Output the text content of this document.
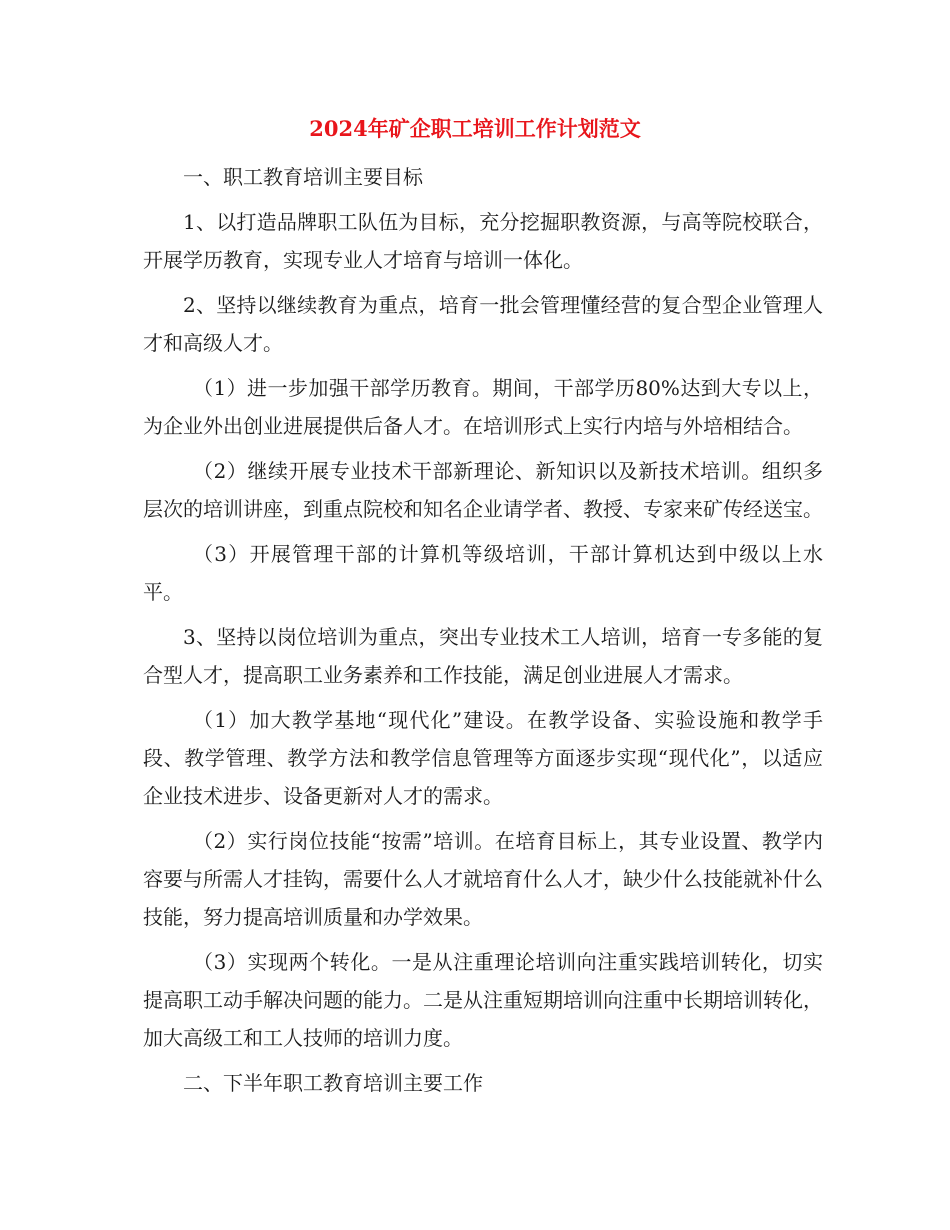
2024年矿企职工培训工作计划范文

一、职工教育培训主要目标

1、以打造品牌职工队伍为目标，充分挖掘职教资源，与高等院校联合，开展学历教育，实现专业人才培育与培训一体化。

2、坚持以继续教育为重点，培育一批会管理懂经营的复合型企业管理人才和高级人才。

（1）进一步加强干部学历教育。期间，干部学历80%达到大专以上，为企业外出创业进展提供后备人才。在培训形式上实行内培与外培相结合。

（2）继续开展专业技术干部新理论、新知识以及新技术培训。组织多层次的培训讲座，到重点院校和知名企业请学者、教授、专家来矿传经送宝。

（3）开展管理干部的计算机等级培训，干部计算机达到中级以上水平。

3、坚持以岗位培训为重点，突出专业技术工人培训，培育一专多能的复合型人才，提高职工业务素养和工作技能，满足创业进展人才需求。

（1）加大教学基地“现代化”建设。在教学设备、实验设施和教学手段、教学管理、教学方法和教学信息管理等方面逐步实现“现代化”，以适应企业技术进步、设备更新对人才的需求。

（2）实行岗位技能“按需”培训。在培育目标上，其专业设置、教学内容要与所需人才挂钩，需要什么人才就培育什么人才，缺少什么技能就补什么技能，努力提高培训质量和办学效果。

（3）实现两个转化。一是从注重理论培训向注重实践培训转化，切实提高职工动手解决问题的能力。二是从注重短期培训向注重中长期培训转化，加大高级工和工人技师的培训力度。

二、下半年职工教育培训主要工作
